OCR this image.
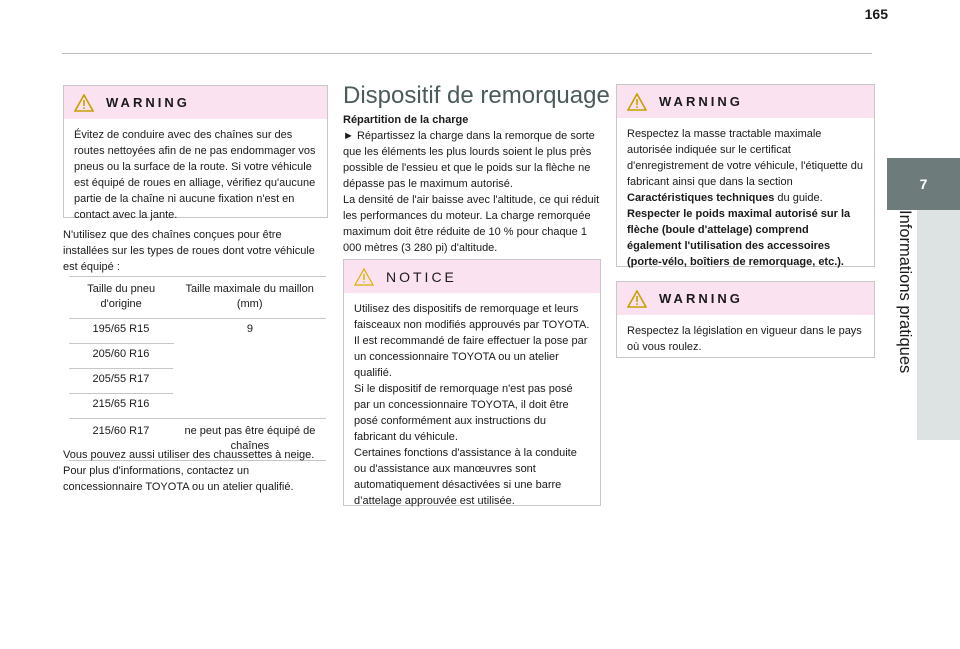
165
7
Informations pratiques
WARNING

Évitez de conduire avec des chaînes sur des routes nettoyées afin de ne pas endommager vos pneus ou la surface de la route. Si votre véhicule est équipé de roues en alliage, vérifiez qu'aucune partie de la chaîne ni aucune fixation n'est en contact avec la jante.

N'utilisez que des chaînes conçues pour être installées sur les types de roues dont votre véhicule est équipé :

Taille du pneu d'origine	Taille maximale du maillon (mm)
195/65 R15	9
205/60 R16	
205/55 R17	
215/65 R16	
215/60 R17	ne peut pas être équipé de chaînes

Vous pouvez aussi utiliser des chaussettes à neige.

Pour plus d'informations, contactez un concessionnaire TOYOTA ou un atelier qualifié.

Dispositif de remorquage

Répartition de la charge

► Répartissez la charge dans la remorque de sorte que les éléments les plus lourds soient le plus près possible de l'essieu et que le poids sur la flèche ne dépasse pas le maximum autorisé.

La densité de l'air baisse avec l'altitude, ce qui réduit les performances du moteur. La charge remorquée maximum doit être réduite de 10 % pour chaque 1 000 mètres (3 280 pi) d'altitude.

NOTICE

Utilisez des dispositifs de remorquage et leurs faisceaux non modifiés approuvés par TOYOTA. Il est recommandé de faire effectuer la pose par un concessionnaire TOYOTA ou un atelier qualifié.

Si le dispositif de remorquage n'est pas posé par un concessionnaire TOYOTA, il doit être posé conformément aux instructions du fabricant du véhicule.

Certaines fonctions d'assistance à la conduite ou d'assistance aux manœuvres sont automatiquement désactivées si une barre d’attelage approuvée est utilisée.

WARNING

Respectez la masse tractable maximale autorisée indiquée sur le certificat d'enregistrement de votre véhicule, l'étiquette du fabricant ainsi que dans la section Caractéristiques techniques du guide.

Respecter le poids maximal autorisé sur la flèche (boule d'attelage) comprend également l'utilisation des accessoires (porte-vélo, boîtiers de remorquage, etc.).

WARNING

Respectez la législation en vigueur dans le pays où vous roulez.
